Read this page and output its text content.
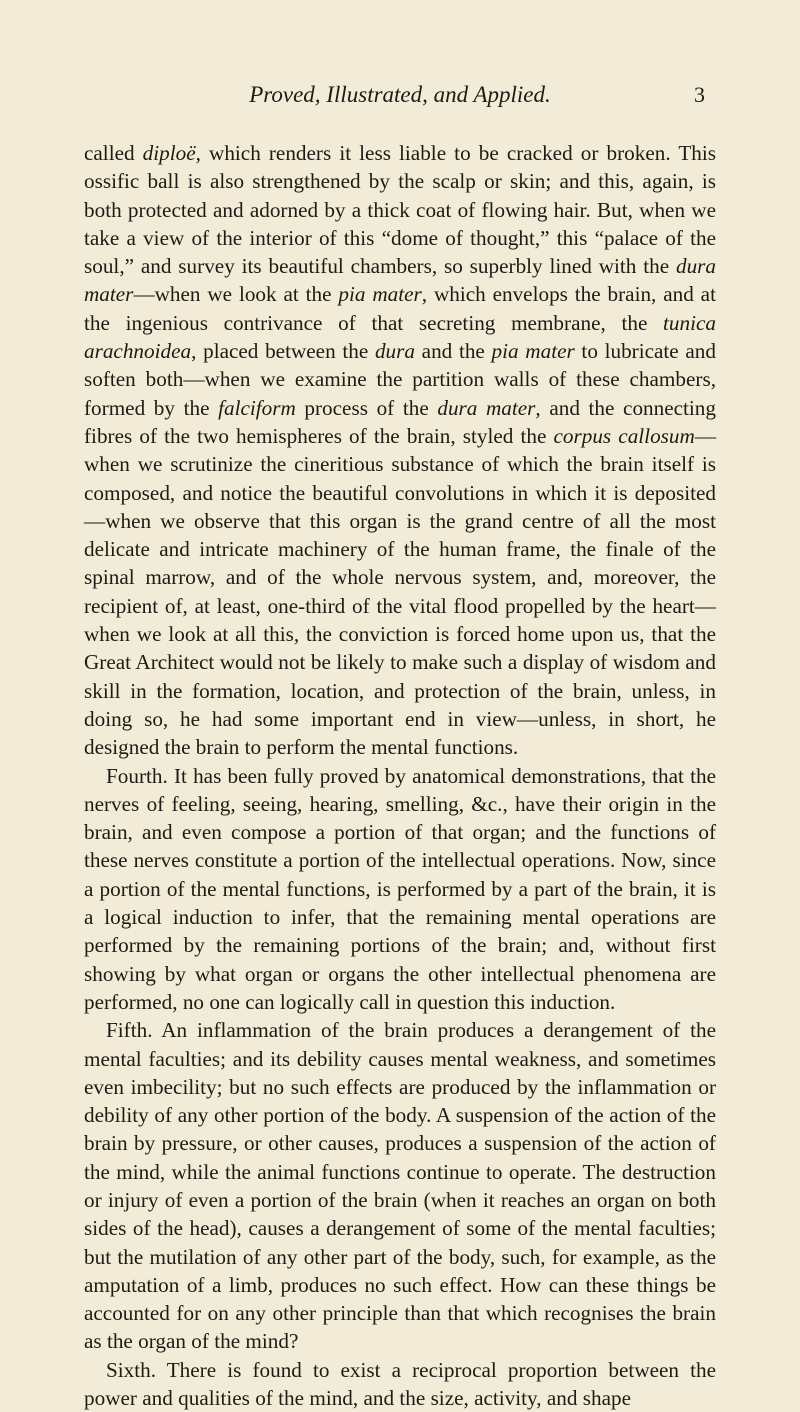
Proved, Illustrated, and Applied.	3

called diploë, which renders it less liable to be cracked or broken. This ossific ball is also strengthened by the scalp or skin; and this, again, is both protected and adorned by a thick coat of flowing hair. But, when we take a view of the interior of this “dome of thought,” this “palace of the soul,” and survey its beautiful chambers, so superbly lined with the dura mater—when we look at the pia mater, which envelops the brain, and at the ingenious contrivance of that secreting membrane, the tunica arachnoidea, placed between the dura and the pia mater to lubricate and soften both—when we examine the partition walls of these chambers, formed by the falciform process of the dura mater, and the connecting fibres of the two hemispheres of the brain, styled the corpus callosum—when we scrutinize the cineritious substance of which the brain itself is composed, and notice the beautiful convolutions in which it is deposited—when we observe that this organ is the grand centre of all the most delicate and intricate machinery of the human frame, the finale of the spinal marrow, and of the whole nervous system, and, moreover, the recipient of, at least, one-third of the vital flood propelled by the heart—when we look at all this, the conviction is forced home upon us, that the Great Architect would not be likely to make such a display of wisdom and skill in the formation, location, and protection of the brain, unless, in doing so, he had some important end in view—unless, in short, he designed the brain to perform the mental functions.

Fourth. It has been fully proved by anatomical demonstrations, that the nerves of feeling, seeing, hearing, smelling, &c., have their origin in the brain, and even compose a portion of that organ; and the functions of these nerves constitute a portion of the intellectual operations. Now, since a portion of the mental functions, is performed by a part of the brain, it is a logical induction to infer, that the remaining mental operations are performed by the remaining portions of the brain; and, without first showing by what organ or organs the other intellectual phenomena are performed, no one can logically call in question this induction.

Fifth. An inflammation of the brain produces a derangement of the mental faculties; and its debility causes mental weakness, and sometimes even imbecility; but no such effects are produced by the inflammation or debility of any other portion of the body. A suspension of the action of the brain by pressure, or other causes, produces a suspension of the action of the mind, while the animal functions continue to operate. The destruction or injury of even a portion of the brain (when it reaches an organ on both sides of the head), causes a derangement of some of the mental faculties; but the mutilation of any other part of the body, such, for example, as the amputation of a limb, produces no such effect. How can these things be accounted for on any other principle than that which recognises the brain as the organ of the mind?

Sixth. There is found to exist a reciprocal proportion between the power and qualities of the mind, and the size, activity, and shape
